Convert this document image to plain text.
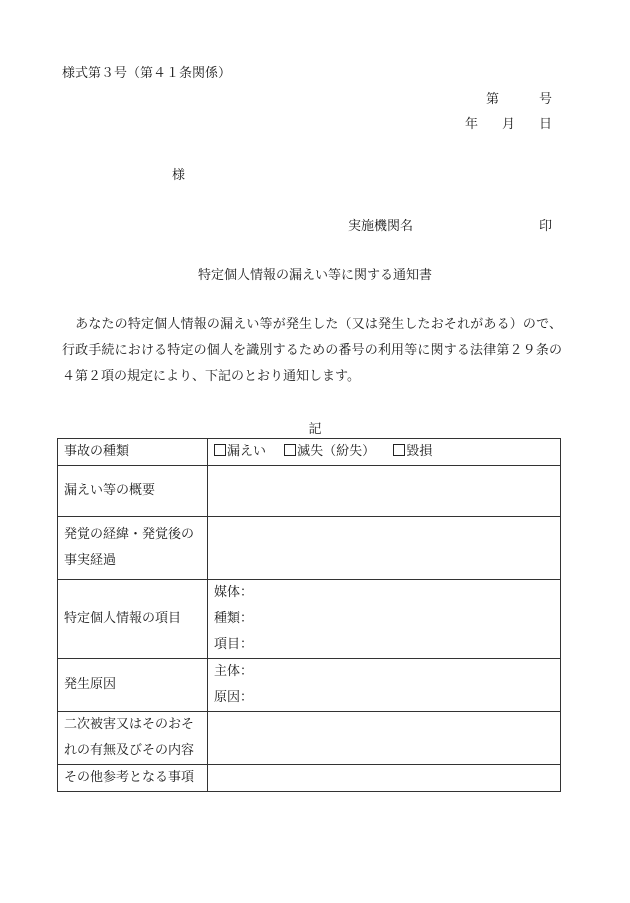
様式第３号（第４１条関係）
第	号
年 月 日
様
実施機関名	印
特定個人情報の漏えい等に関する通知書

あなたの特定個人情報の漏えい等が発生した（又は発生したおそれがある）ので、行政手続における特定の個人を識別するための番号の利用等に関する法律第２９条の４第２項の規定により、下記のとおり通知します。

記
事故の種類	漏えい 滅失（紛失） 毀損
漏えい等の概要	
発覚の経緯・発覚後の事実経過	
特定個人情報の項目	媒体：
種類：
項目：

発生原因	主体：
原因：

二次被害又はそのおそれの有無及びその内容	
その他参考となる事項	
